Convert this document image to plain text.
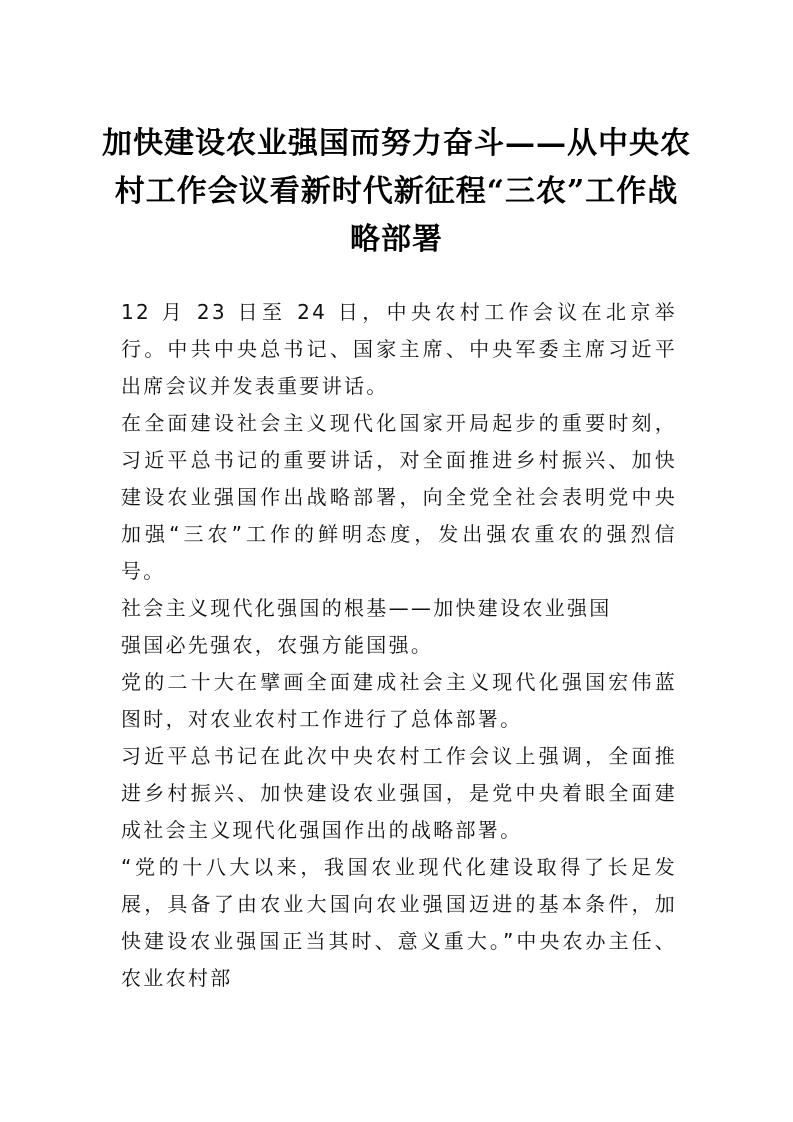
加快建设农业强国而努力奋斗——从中央农村工作会议看新时代新征程“三农”工作战略部署

12 月 23 日至 24 日，中央农村工作会议在北京举行。中共中央总书记、国家主席、中央军委主席习近平出席会议并发表重要讲话。

在全面建设社会主义现代化国家开局起步的重要时刻，习近平总书记的重要讲话，对全面推进乡村振兴、加快建设农业强国作出战略部署，向全党全社会表明党中央加强“三农”工作的鲜明态度，发出强农重农的强烈信号。

社会主义现代化强国的根基——加快建设农业强国

强国必先强农，农强方能国强。

党的二十大在擘画全面建成社会主义现代化强国宏伟蓝图时，对农业农村工作进行了总体部署。

习近平总书记在此次中央农村工作会议上强调，全面推进乡村振兴、加快建设农业强国，是党中央着眼全面建成社会主义现代化强国作出的战略部署。

“党的十八大以来，我国农业现代化建设取得了长足发展，具备了由农业大国向农业强国迈进的基本条件，加快建设农业强国正当其时、意义重大。”中央农办主任、农业农村部
